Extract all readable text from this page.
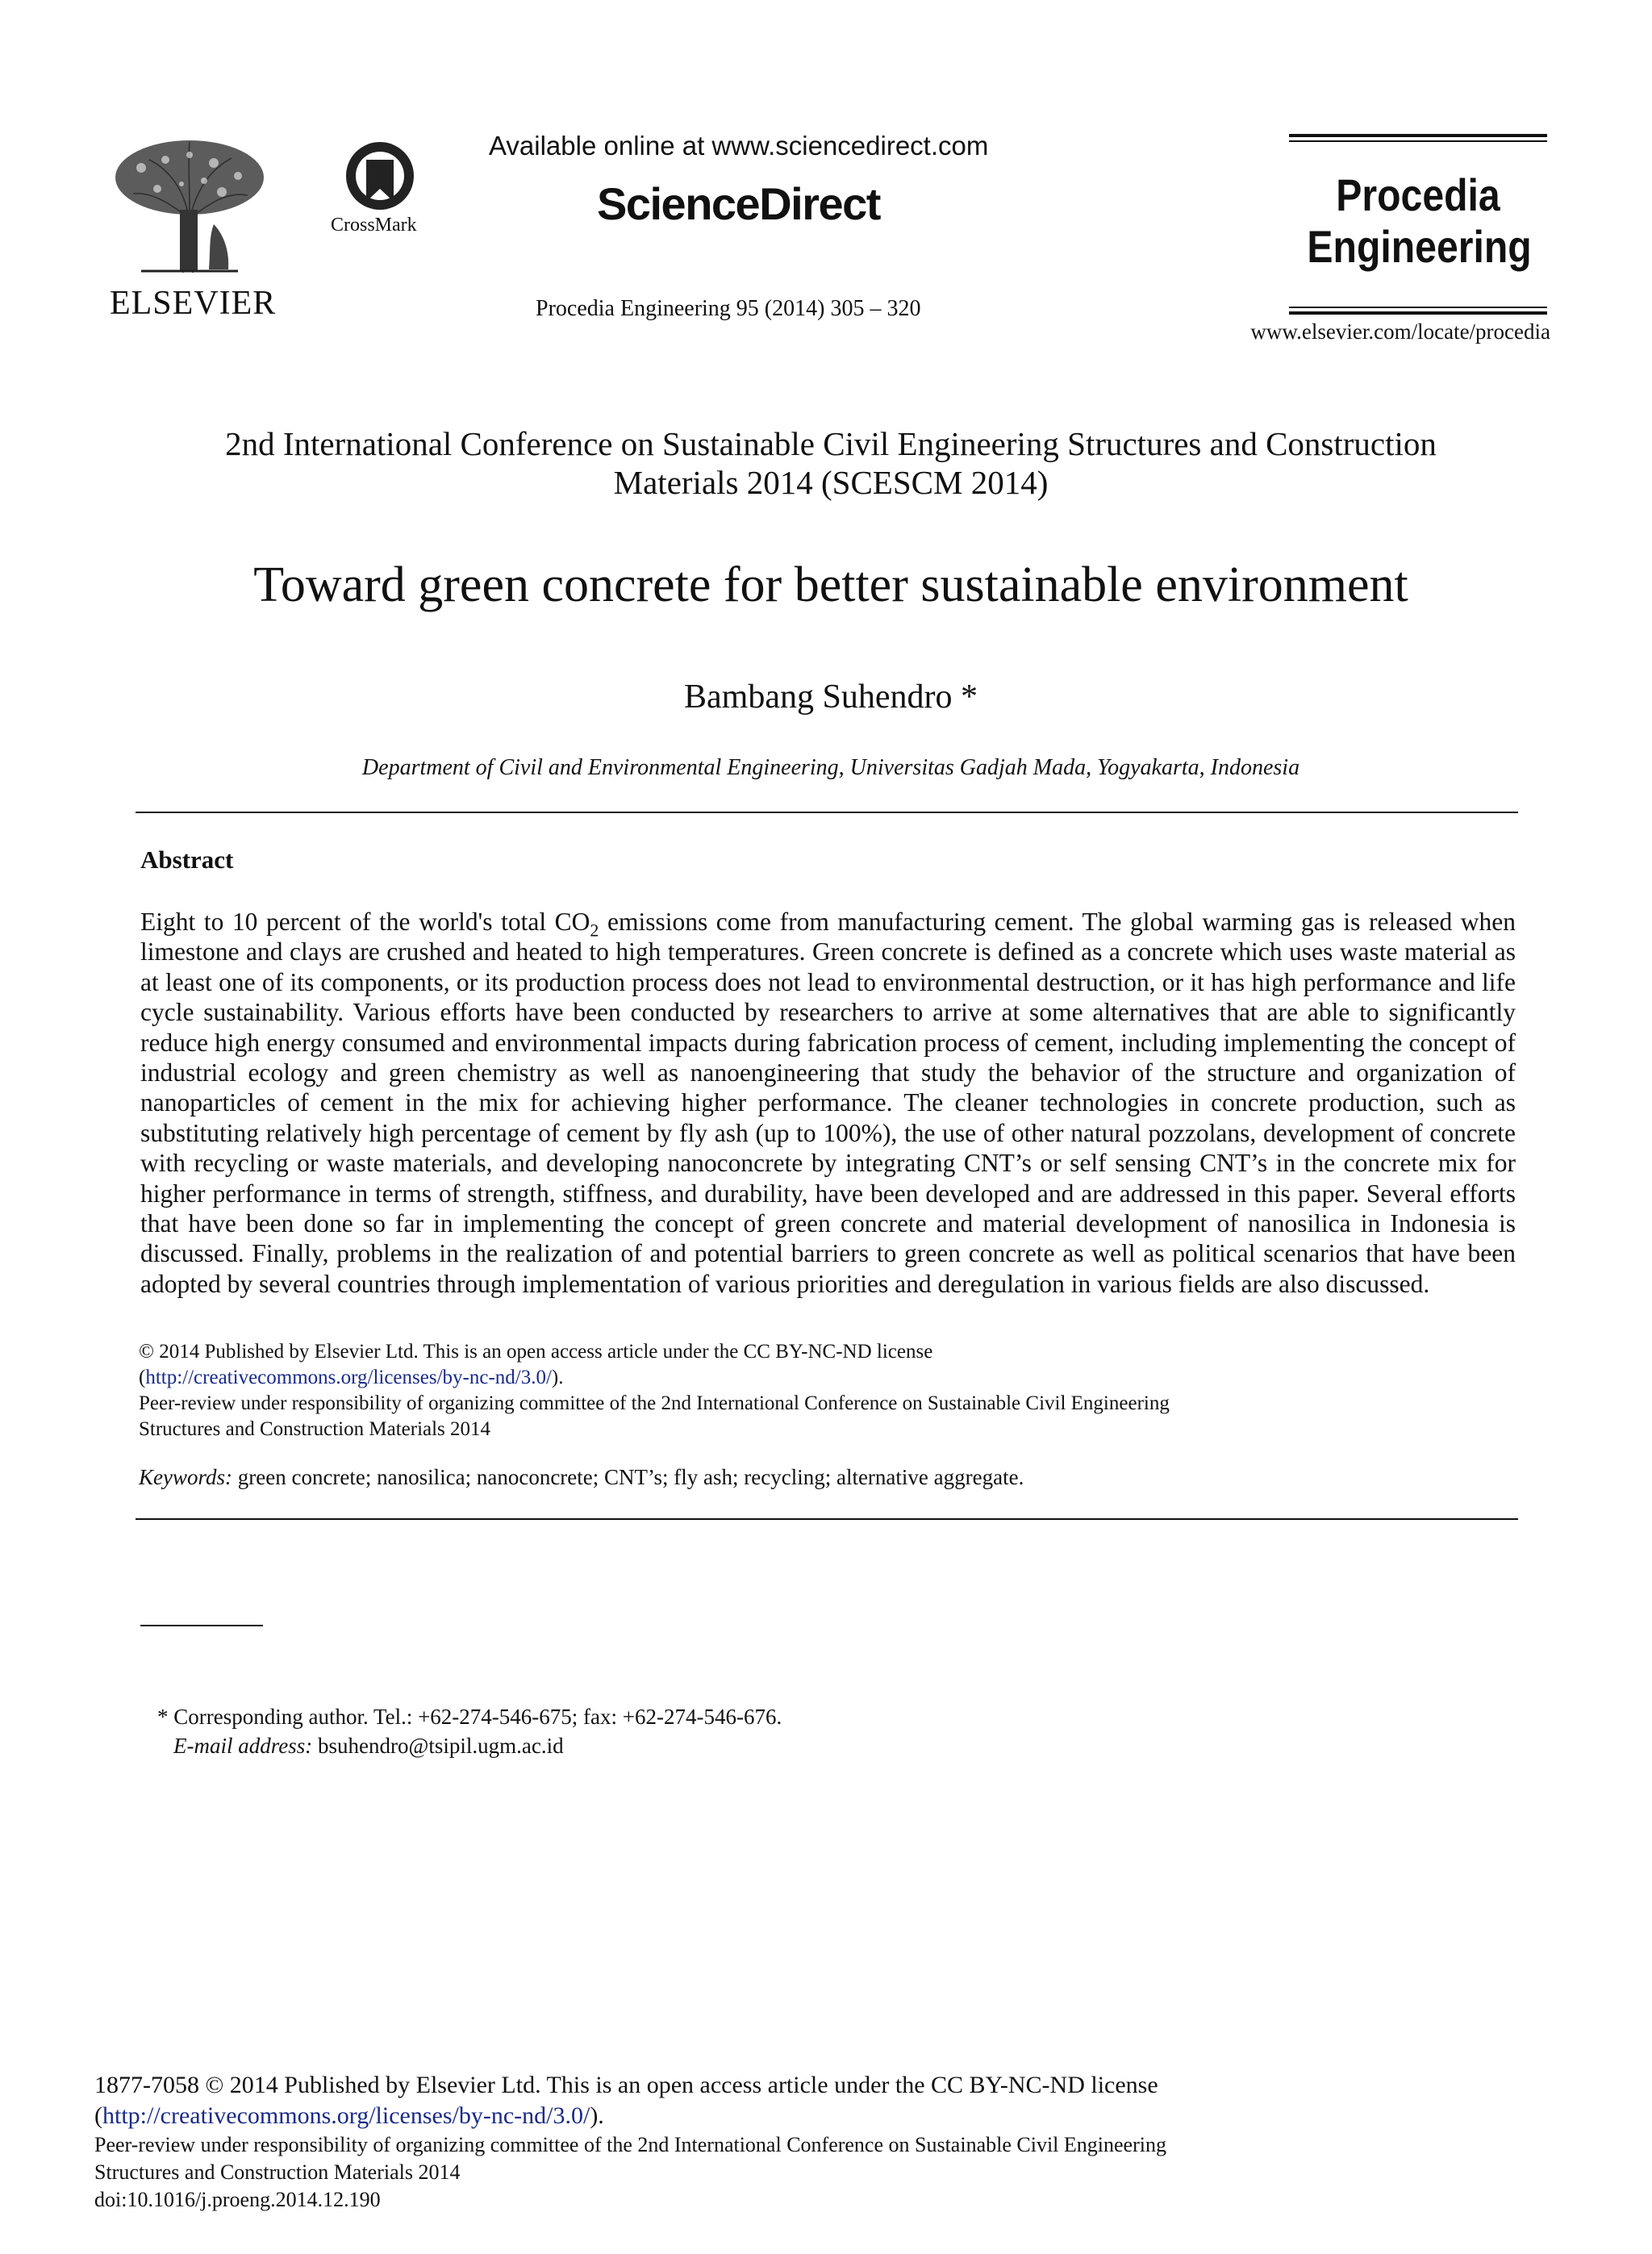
ELSEVIER
CrossMark
Available online at www.sciencedirect.com
ScienceDirect
Procedia Engineering 95 (2014) 305 – 320
Procedia
Engineering
www.elsevier.com/locate/procedia
2nd International Conference on Sustainable Civil Engineering Structures and Construction
Materials 2014 (SCESCM 2014)
Toward green concrete for better sustainable environment
Bambang Suhendro *
Department of Civil and Environmental Engineering, Universitas Gadjah Mada, Yogyakarta, Indonesia
Abstract
Eight to 10 percent of the world's total $CO_2$ emissions come from manufacturing cement. The global warming gas is released when limestone and clays are crushed and heated to high temperatures. Green concrete is defined as a concrete which uses waste material as at least one of its components, or its production process does not lead to environmental destruction, or it has high performance and life cycle sustainability. Various efforts have been conducted by researchers to arrive at some alternatives that are able to significantly reduce high energy consumed and environmental impacts during fabrication process of cement, including implementing the concept of industrial ecology and green chemistry as well as nanoengineering that study the behavior of the structure and organization of nanoparticles of cement in the mix for achieving higher performance. The cleaner technologies in concrete production, such as substituting relatively high percentage of cement by fly ash (up to 100%), the use of other natural pozzolans, development of concrete with recycling or waste materials, and developing nanoconcrete by integrating CNT’s or self sensing CNT’s in the concrete mix for higher performance in terms of strength, stiffness, and durability, have been developed and are addressed in this paper. Several efforts that have been done so far in implementing the concept of green concrete and material development of nanosilica in Indonesia is discussed. Finally, problems in the realization of and potential barriers to green concrete as well as political scenarios that have been adopted by several countries through implementation of various priorities and deregulation in various fields are also discussed.
© 2014 Published by Elsevier Ltd. This is an open access article under the CC BY-NC-ND license
(http://creativecommons.org/licenses/by-nc-nd/3.0/).
Peer-review under responsibility of organizing committee of the 2nd International Conference on Sustainable Civil Engineering
Structures and Construction Materials 2014
Keywords: green concrete; nanosilica; nanoconcrete; CNT’s; fly ash; recycling; alternative aggregate.
* Corresponding author. Tel.: +62-274-546-675; fax: +62-274-546-676.
E-mail address: bsuhendro@tsipil.ugm.ac.id
1877-7058 © 2014 Published by Elsevier Ltd. This is an open access article under the CC BY-NC-ND license
(http://creativecommons.org/licenses/by-nc-nd/3.0/).
Peer-review under responsibility of organizing committee of the 2nd International Conference on Sustainable Civil Engineering
Structures and Construction Materials 2014
doi:10.1016/j.proeng.2014.12.190
